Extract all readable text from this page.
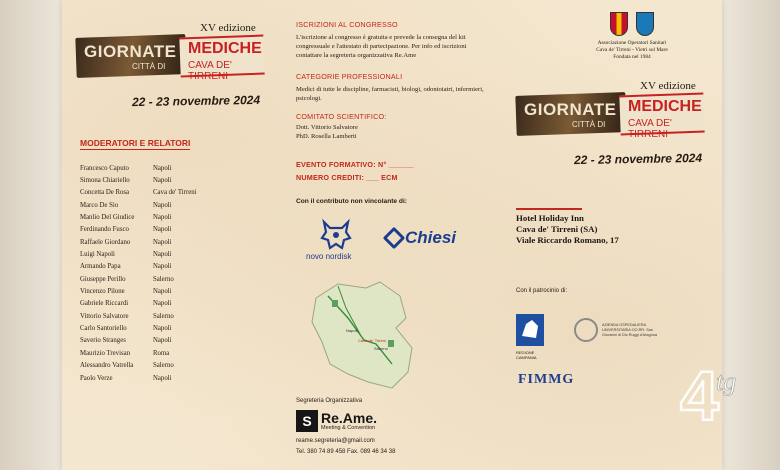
XV edizione
GIORNATE
CITTÀ DI
MEDICHE
CAVA DE' TIRRENI
22 - 23 novembre 2024
MODERATORI E RELATORI
Francesco Caputo	Napoli
Simona Chiariello	Napoli
Concetta De Rosa	Cava de' Tirreni
Marco De Sio	Napoli
Manlio Del Giudice	Napoli
Ferdinando Fusco	Napoli
Raffaele Giordano	Napoli
Luigi Napoli	Napoli
Armando Papa	Napoli
Giuseppe Perillo	Salerno
Vincenzo Pilone	Napoli
Gabriele Riccardi	Napoli
Vittorio Salvatore	Salerno
Carlo Santoriello	Napoli
Saverio Stranges	Napoli
Maurizio Trevisan	Roma
Alessandro Vatrella	Salerno
Paolo Verze	Napoli
ISCRIZIONI AL CONGRESSO
L'iscrizione al congresso è gratuita e prevede la consegna del kit congressuale e l'attestato di partecipazione. Per info ed iscrizioni contattare la segreteria organizzativa Re.Ame
CATEGORIE PROFESSIONALI
Medici di tutte le discipline, farmacisti, biologi, odontoiatri, infermieri, psicologi.
COMITATO SCIENTIFICO:
Dott. Vittorio Salvatore
PhD. Rosella Lamberti
EVENTO FORMATIVO: N° ______
NUMERO CREDITI: ___ ECM
Con il contributo non vincolante di:
novo nordisk
Chiesi
Napoli
Cava de' Tirreni
Salerno
Segreteria Organizzativa
S Re.Ame.
Meeting & Convention
reame.segreteria@gmail.com
Tel. 380 74 89 458 Fax. 089 46 34 38
Associazione Operatori Sanitari
Cava de' Tirreni - Vietri sul Mare
Fondata nel 1984
XV edizione
GIORNATE
CITTÀ DI
MEDICHE
CAVA DE' TIRRENI
22 - 23 novembre 2024
Hotel Holiday Inn
Cava de' Tirreni (SA)
Viale Riccardo Romano, 17
Con il patrocinio di:
REGIONE CAMPANIA
AZIENDA OSPEDALIERA UNIVERSITARIA OO.RR. San Giovanni di Dio Ruggi d'Aragona
FIMMG 4
tg
